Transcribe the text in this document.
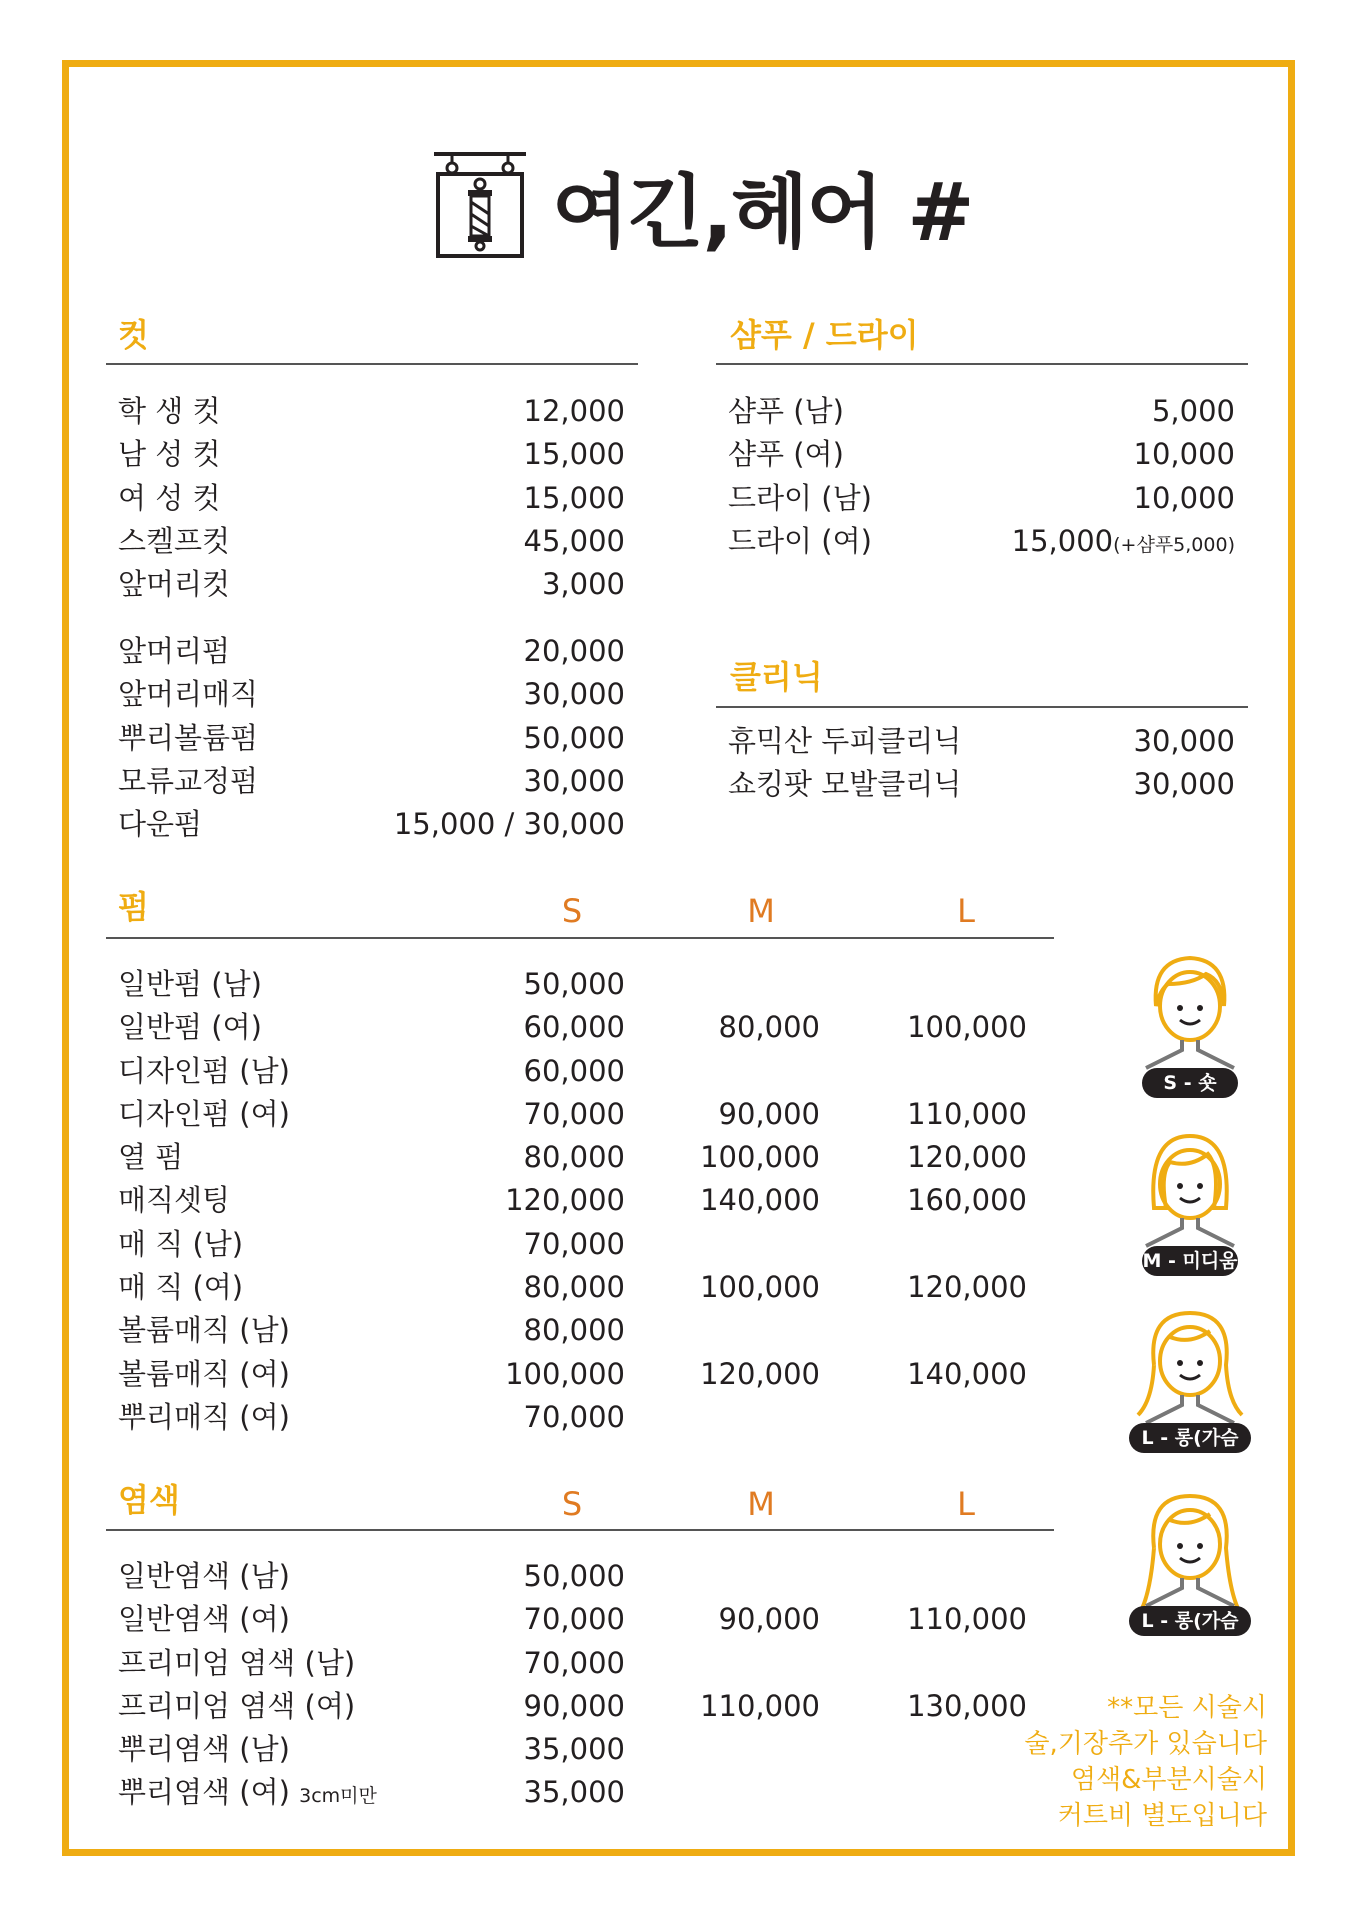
여긴,헤어 #
컷
학 생 컷	12,000
남 성 컷	15,000
여 성 컷	15,000
스켈프컷	45,000
앞머리컷	3,000
앞머리펌	20,000
앞머리매직	30,000
뿌리볼륨펌	50,000
모류교정펌	30,000
다운펌	15,000 / 30,000
샴푸 / 드라이
샴푸 (남)	5,000
샴푸 (여)	10,000
드라이 (남)	10,000
드라이 (여)	15,000(+샴푸5,000)
클리닉
휴믹산 두피클리닉	30,000
쇼킹팟 모발클리닉	30,000
펌	S	M	L
일반펌 (남)	50,000
일반펌 (여)	60,000	80,000	100,000
디자인펌 (남)	60,000
디자인펌 (여)	70,000	90,000	110,000
열 펌	80,000	100,000	120,000
매직셋팅	120,000	140,000	160,000
매 직 (남)	70,000
매 직 (여)	80,000	100,000	120,000
볼륨매직 (남)	80,000
볼륨매직 (여)	100,000	120,000	140,000
뿌리매직 (여)	70,000
염색	S	M	L
일반염색 (남)	50,000
일반염색 (여)	70,000	90,000	110,000
프리미엄 염색 (남)	70,000
프리미엄 염색 (여)	90,000	110,000	130,000
뿌리염색 (남)	35,000
뿌리염색 (여) 3cm미만	35,000
S - 숏
M - 미디움
L - 롱(가슴위)
L - 롱(가슴밑)
**모든 시술시
술,기장추가 있습니다
염색&부분시술시
커트비 별도입니다
